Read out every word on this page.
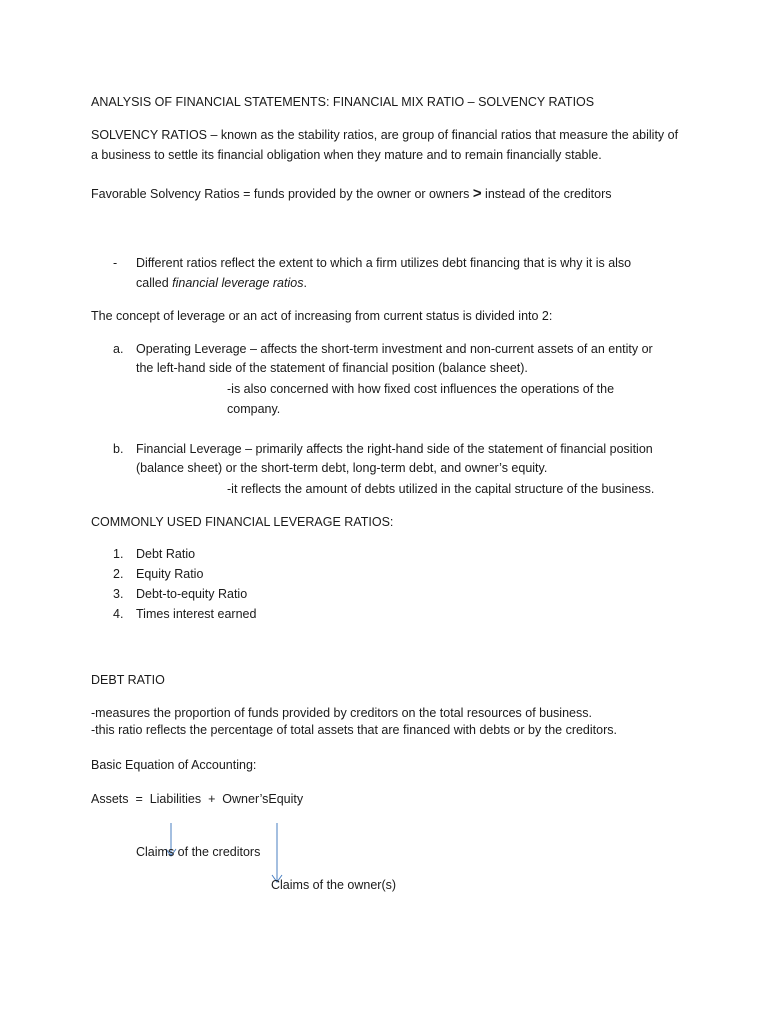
ANALYSIS OF FINANCIAL STATEMENTS: FINANCIAL MIX RATIO – SOLVENCY RATIOS
SOLVENCY RATIOS – known as the stability ratios, are group of financial ratios that measure the ability of
a business to settle its financial obligation when they mature and to remain financially stable.
Favorable Solvency Ratios = funds provided by the owner or owners > instead of the creditors
- Different ratios reflect the extent to which a firm utilizes debt financing that is why it is also
called financial leverage ratios.
The concept of leverage or an act of increasing from current status is divided into 2:
a. Operating Leverage – affects the short-term investment and non-current assets of an entity or
the left-hand side of the statement of financial position (balance sheet).
-is also concerned with how fixed cost influences the operations of the
company.
b. Financial Leverage – primarily affects the right-hand side of the statement of financial position
(balance sheet) or the short-term debt, long-term debt, and owner’s equity.
-it reflects the amount of debts utilized in the capital structure of the business.
COMMONLY USED FINANCIAL LEVERAGE RATIOS:
1. Debt Ratio
2. Equity Ratio
3. Debt-to-equity Ratio
4. Times interest earned
DEBT RATIO
-measures the proportion of funds provided by creditors on the total resources of business.
-this ratio reflects the percentage of total assets that are financed with debts or by the creditors.
Basic Equation of Accounting:
Assets  =  Liabilities  +  Owner’sEquity
Claims of the creditors
Claims of the owner(s)
